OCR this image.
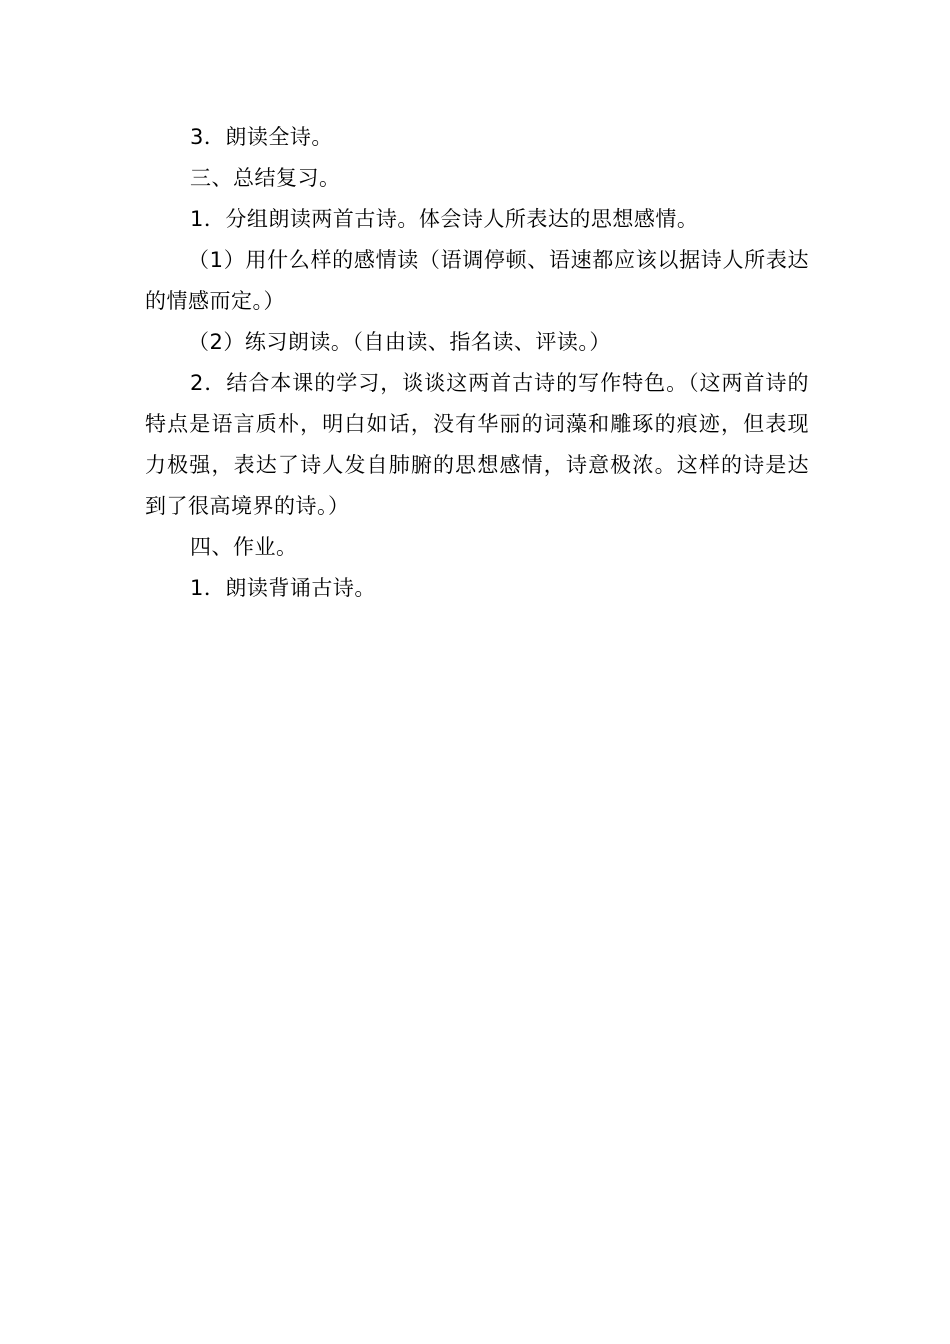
3．朗读全诗。

三、总结复习。

1．分组朗读两首古诗。体会诗人所表达的思想感情。

（1）用什么样的感情读（语调停顿、语速都应该以据诗人所表达的情感而定。）

（2）练习朗读。（自由读、指名读、评读。）

2．结合本课的学习，谈谈这两首古诗的写作特色。（这两首诗的特点是语言质朴，明白如话，没有华丽的词藻和雕琢的痕迹，但表现力极强，表达了诗人发自肺腑的思想感情，诗意极浓。这样的诗是达到了很高境界的诗。）

四、作业。

1．朗读背诵古诗。
